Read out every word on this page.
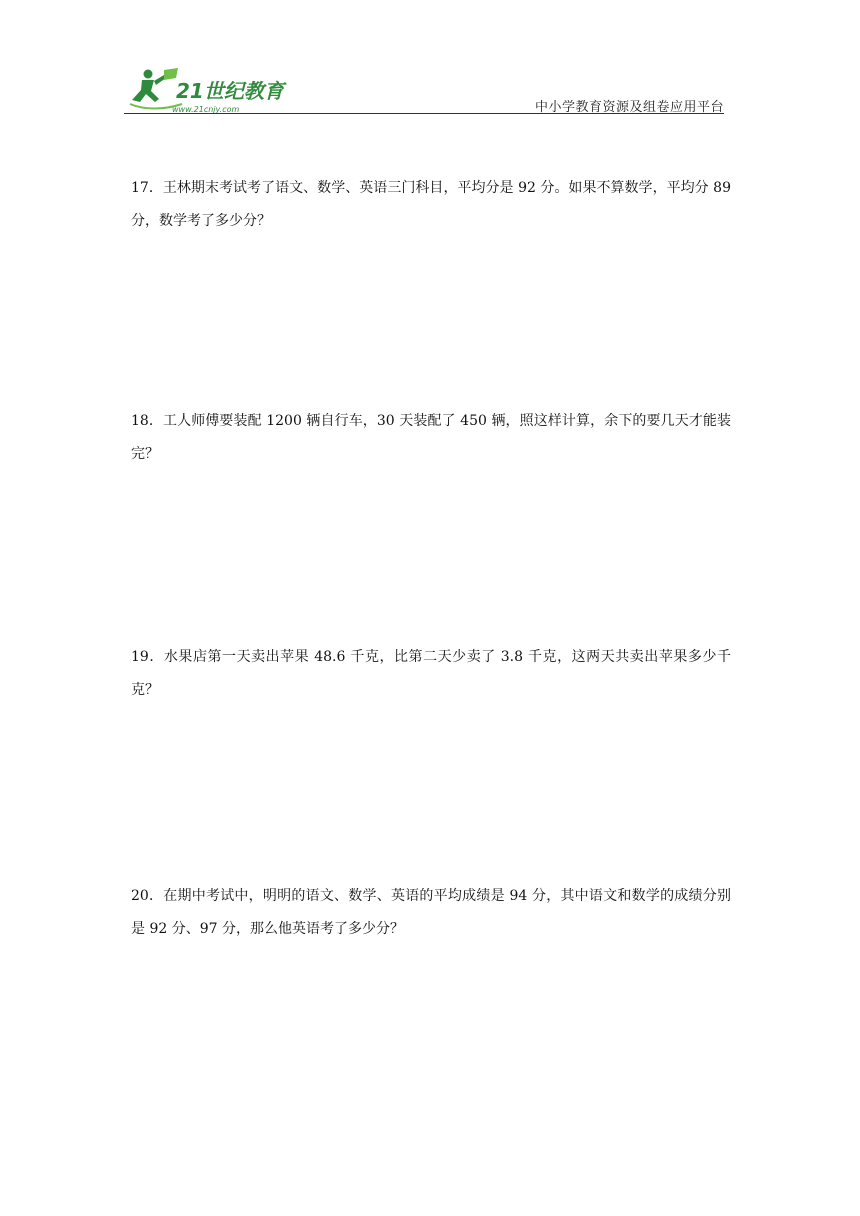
21世纪教育
www.21cnjy.com	中小学教育资源及组卷应用平台
17．王林期末考试考了语文、数学、英语三门科目，平均分是 92 分。如果不算数学，平均分 89 分，数学考了多少分？
18．工人师傅要装配 1200 辆自行车，30 天装配了 450 辆，照这样计算，余下的要几天才能装完？
19．水果店第一天卖出苹果 48.6 千克，比第二天少卖了 3.8 千克，这两天共卖出苹果多少千克？
20．在期中考试中，明明的语文、数学、英语的平均成绩是 94 分，其中语文和数学的成绩分别是 92 分、97 分，那么他英语考了多少分？
